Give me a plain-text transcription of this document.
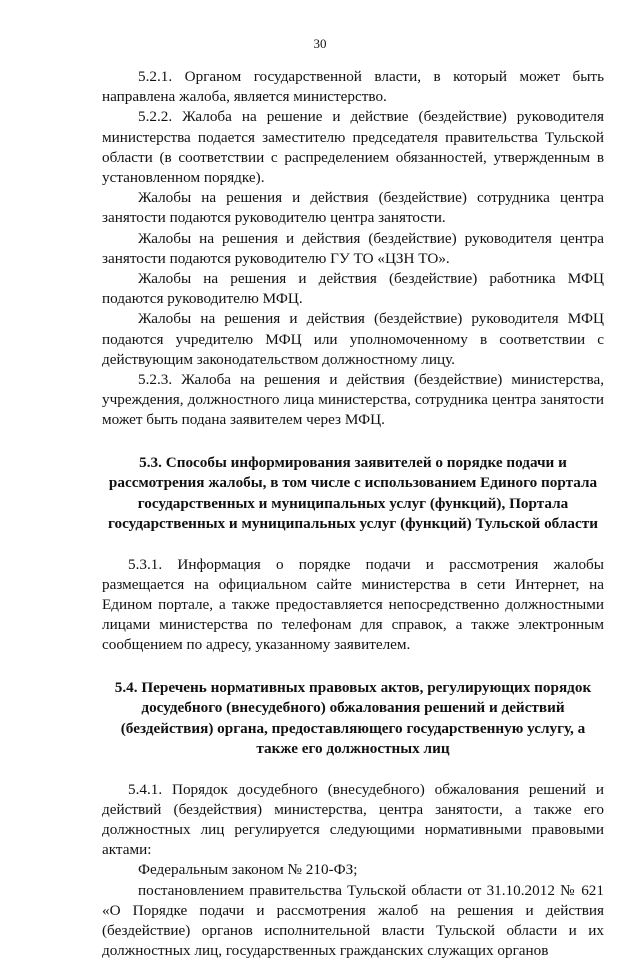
30

5.2.1. Органом государственной власти, в который может быть направлена жалоба, является министерство.

5.2.2. Жалоба на решение и действие (бездействие) руководителя министерства подается заместителю председателя правительства Тульской области (в соответствии с распределением обязанностей, утвержденным в установленном порядке).

Жалобы на решения и действия (бездействие) сотрудника центра занятости подаются руководителю центра занятости.

Жалобы на решения и действия (бездействие) руководителя центра занятости подаются руководителю ГУ ТО «ЦЗН ТО».

Жалобы на решения и действия (бездействие) работника МФЦ подаются руководителю МФЦ.

Жалобы на решения и действия (бездействие) руководителя МФЦ подаются учредителю МФЦ или уполномоченному в соответствии с действующим законодательством должностному лицу.

5.2.3. Жалоба на решения и действия (бездействие) министерства, учреждения, должностного лица министерства, сотрудника центра занятости может быть подана заявителем через МФЦ.

5.3. Способы информирования заявителей о порядке подачи и рассмотрения жалобы, в том числе с использованием Единого портала государственных и муниципальных услуг (функций), Портала государственных и муниципальных услуг (функций) Тульской области

5.3.1. Информация о порядке подачи и рассмотрения жалобы размещается на официальном сайте министерства в сети Интернет, на Едином портале, а также предоставляется непосредственно должностными лицами министерства по телефонам для справок, а также электронным сообщением по адресу, указанному заявителем.

5.4. Перечень нормативных правовых актов, регулирующих порядок досудебного (внесудебного) обжалования решений и действий (бездействия) органа, предоставляющего государственную услугу, а также его должностных лиц

5.4.1. Порядок досудебного (внесудебного) обжалования решений и действий (бездействия) министерства, центра занятости, а также его должностных лиц регулируется следующими нормативными правовыми актами:

Федеральным законом № 210-ФЗ;

постановлением правительства Тульской области от 31.10.2012 № 621 «О Порядке подачи и рассмотрения жалоб на решения и действия (бездействие) органов исполнительной власти Тульской области и их должностных лиц, государственных гражданских служащих органов
